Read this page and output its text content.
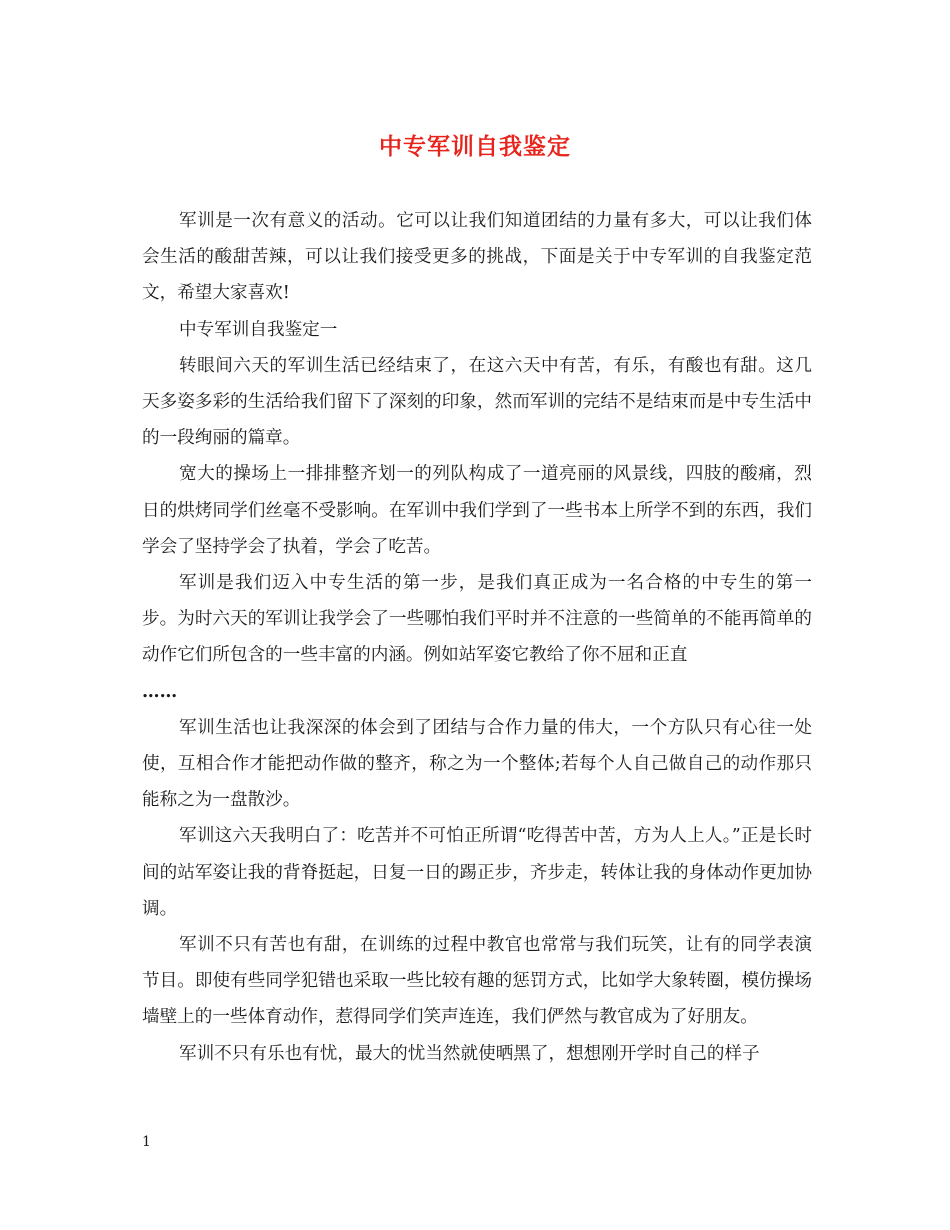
中专军训自我鉴定

军训是一次有意义的活动。它可以让我们知道团结的力量有多大，可以让我们体会生活的酸甜苦辣，可以让我们接受更多的挑战，下面是关于中专军训的自我鉴定范文，希望大家喜欢!

中专军训自我鉴定一

转眼间六天的军训生活已经结束了，在这六天中有苦，有乐，有酸也有甜。这几天多姿多彩的生活给我们留下了深刻的印象，然而军训的完结不是结束而是中专生活中的一段绚丽的篇章。

宽大的操场上一排排整齐划一的列队构成了一道亮丽的风景线，四肢的酸痛，烈日的烘烤同学们丝毫不受影响。在军训中我们学到了一些书本上所学不到的东西，我们学会了坚持学会了执着，学会了吃苦。

军训是我们迈入中专生活的第一步，是我们真正成为一名合格的中专生的第一步。为时六天的军训让我学会了一些哪怕我们平时并不注意的一些简单的不能再简单的动作它们所包含的一些丰富的内涵。例如站军姿它教给了你不屈和正直

……

军训生活也让我深深的体会到了团结与合作力量的伟大，一个方队只有心往一处使，互相合作才能把动作做的整齐，称之为一个整体;若每个人自己做自己的动作那只能称之为一盘散沙。

军训这六天我明白了：吃苦并不可怕正所谓“吃得苦中苦，方为人上人。”正是长时间的站军姿让我的背脊挺起，日复一日的踢正步，齐步走，转体让我的身体动作更加协调。

军训不只有苦也有甜，在训练的过程中教官也常常与我们玩笑，让有的同学表演节目。即使有些同学犯错也采取一些比较有趣的惩罚方式，比如学大象转圈，模仿操场墙壁上的一些体育动作，惹得同学们笑声连连，我们俨然与教官成为了好朋友。

军训不只有乐也有忧，最大的忧当然就使晒黑了，想想刚开学时自己的样子

1
